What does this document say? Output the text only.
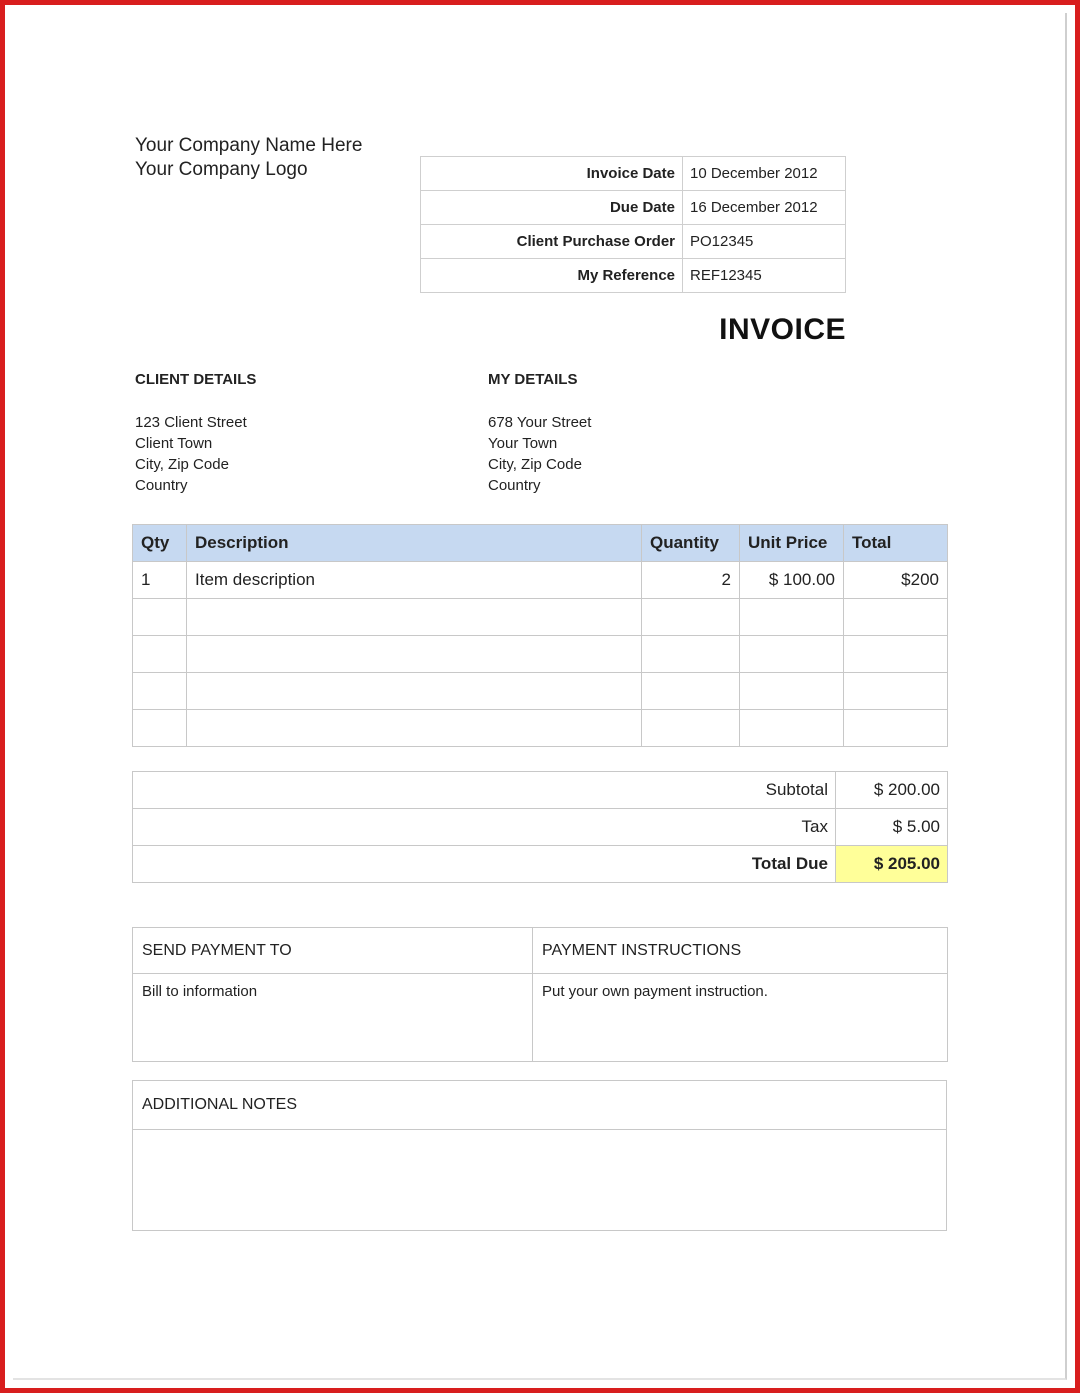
Your Company Name Here
Your Company Logo	Invoice Date	10 December 2012
Due Date	16 December 2012
Client Purchase Order	PO12345
My Reference	REF12345
INVOICE
CLIENT DETAILS	MY DETAILS
123 Client Street
Client Town
City, Zip Code
Country
678 Your Street
Your Town
City, Zip Code
Country
Qty	Description	Quantity	Unit Price	Total
1	Item description	2	$ 100.00	$200

Subtotal	$ 200.00
Tax	$ 5.00
Total Due	$ 205.00
SEND PAYMENT TO	PAYMENT INSTRUCTIONS
Bill to information	Put your own payment instruction.
ADDITIONAL NOTES
